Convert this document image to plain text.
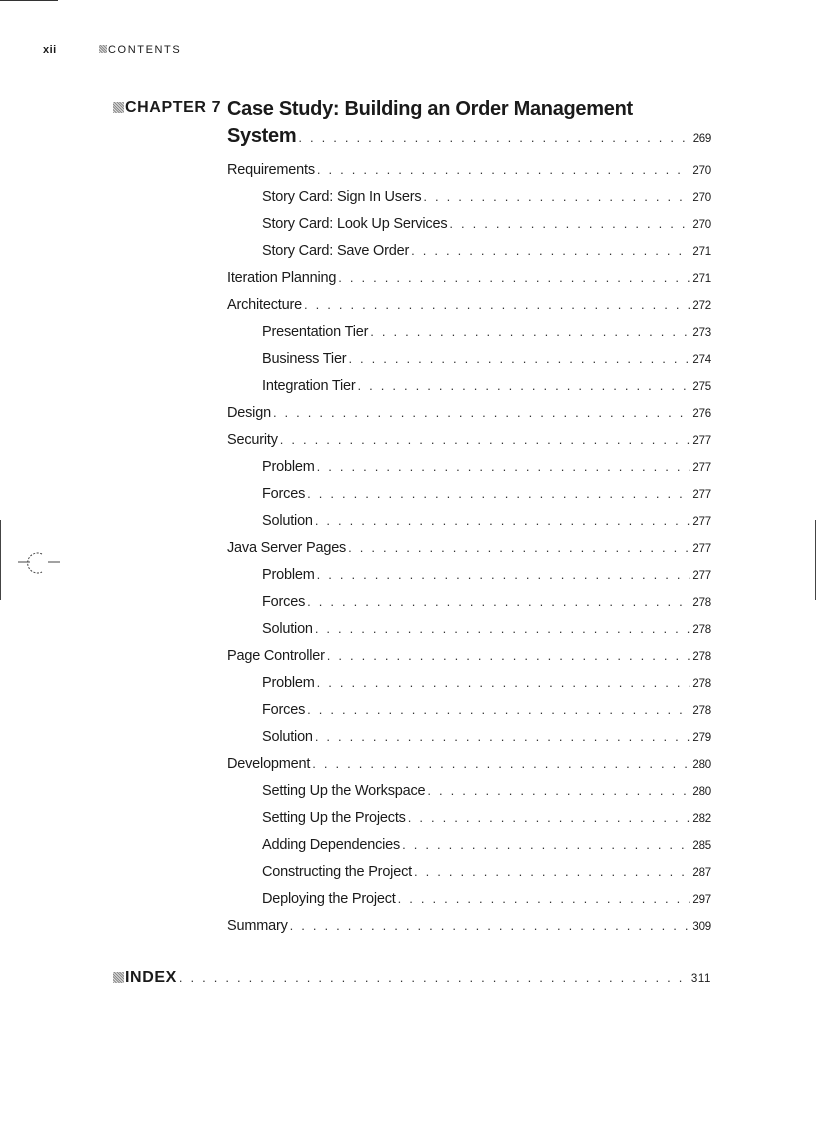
xii	CONTENTS
CHAPTER 7 Case Study: Building an Order Management
System . . .	269
Requirements . . .	270
Story Card: Sign In Users . . .	270
Story Card: Look Up Services . . .	270
Story Card: Save Order . . .	271
Iteration Planning . . .	271
Architecture . . .	272
Presentation Tier . . .	273
Business Tier . . .	274
Integration Tier . . .	275
Design . . .	276
Security . . .	277
Problem . . .	277
Forces . . .	277
Solution . . .	277
Java Server Pages . . .	277
Problem . . .	277
Forces . . .	278
Solution . . .	278
Page Controller . . .	278
Problem . . .	278
Forces . . .	278
Solution . . .	279
Development . . .	280
Setting Up the Workspace . . .	280
Setting Up the Projects . . .	282
Adding Dependencies . . .	285
Constructing the Project . . .	287
Deploying the Project . . .	297
Summary . . .	309
INDEX . . .	311
